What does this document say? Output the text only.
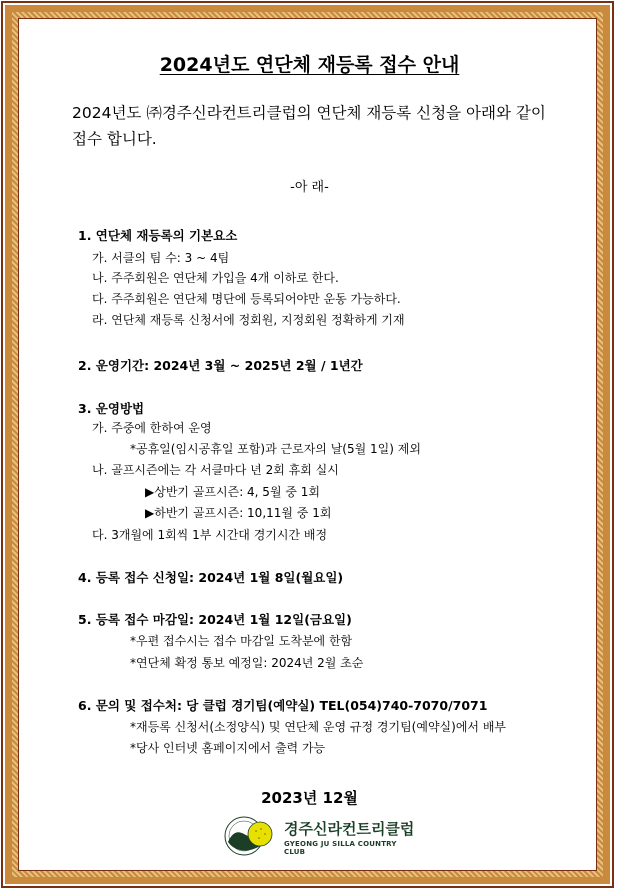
2024년도 연단체 재등록 접수 안내
2024년도 ㈜경주신라컨트리클럽의 연단체 재등록 신청을 아래와 같이 접수 합니다.
-아 래-
1. 연단체 재등록의 기본요소
가. 서클의 팀 수: 3 ~ 4팀
나. 주주회원은 연단체 가입을 4개 이하로 한다.
다. 주주회원은 연단체 명단에 등록되어야만 운동 가능하다.
라. 연단체 재등록 신청서에 정회원, 지정회원 정확하게 기재
2. 운영기간: 2024년 3월 ~ 2025년 2월 / 1년간
3. 운영방법
가. 주중에 한하여 운영
*공휴일(임시공휴일 포함)과 근로자의 날(5월 1일) 제외
나. 골프시즌에는 각 서클마다 년 2회 휴회 실시
▶상반기 골프시즌: 4, 5월 중 1회
▶하반기 골프시즌: 10,11월 중 1회
다. 3개월에 1회씩 1부 시간대 경기시간 배정
4. 등록 접수 신청일: 2024년 1월 8일(월요일)
5. 등록 접수 마감일: 2024년 1월 12일(금요일)
*우편 접수시는 접수 마감일 도착분에 한함
*연단체 확정 통보 예정일: 2024년 2월 초순
6. 문의 및 접수처: 당 클럽 경기팀(예약실) TEL(054)740-7070/7071
*재등록 신청서(소정양식) 및 연단체 운영 규정 경기팀(예약실)에서 배부
*당사 인터넷 홈페이지에서 출력 가능
2023년 12월
경주신라컨트리클럽
GYEONG JU SILLA COUNTRY CLUB
